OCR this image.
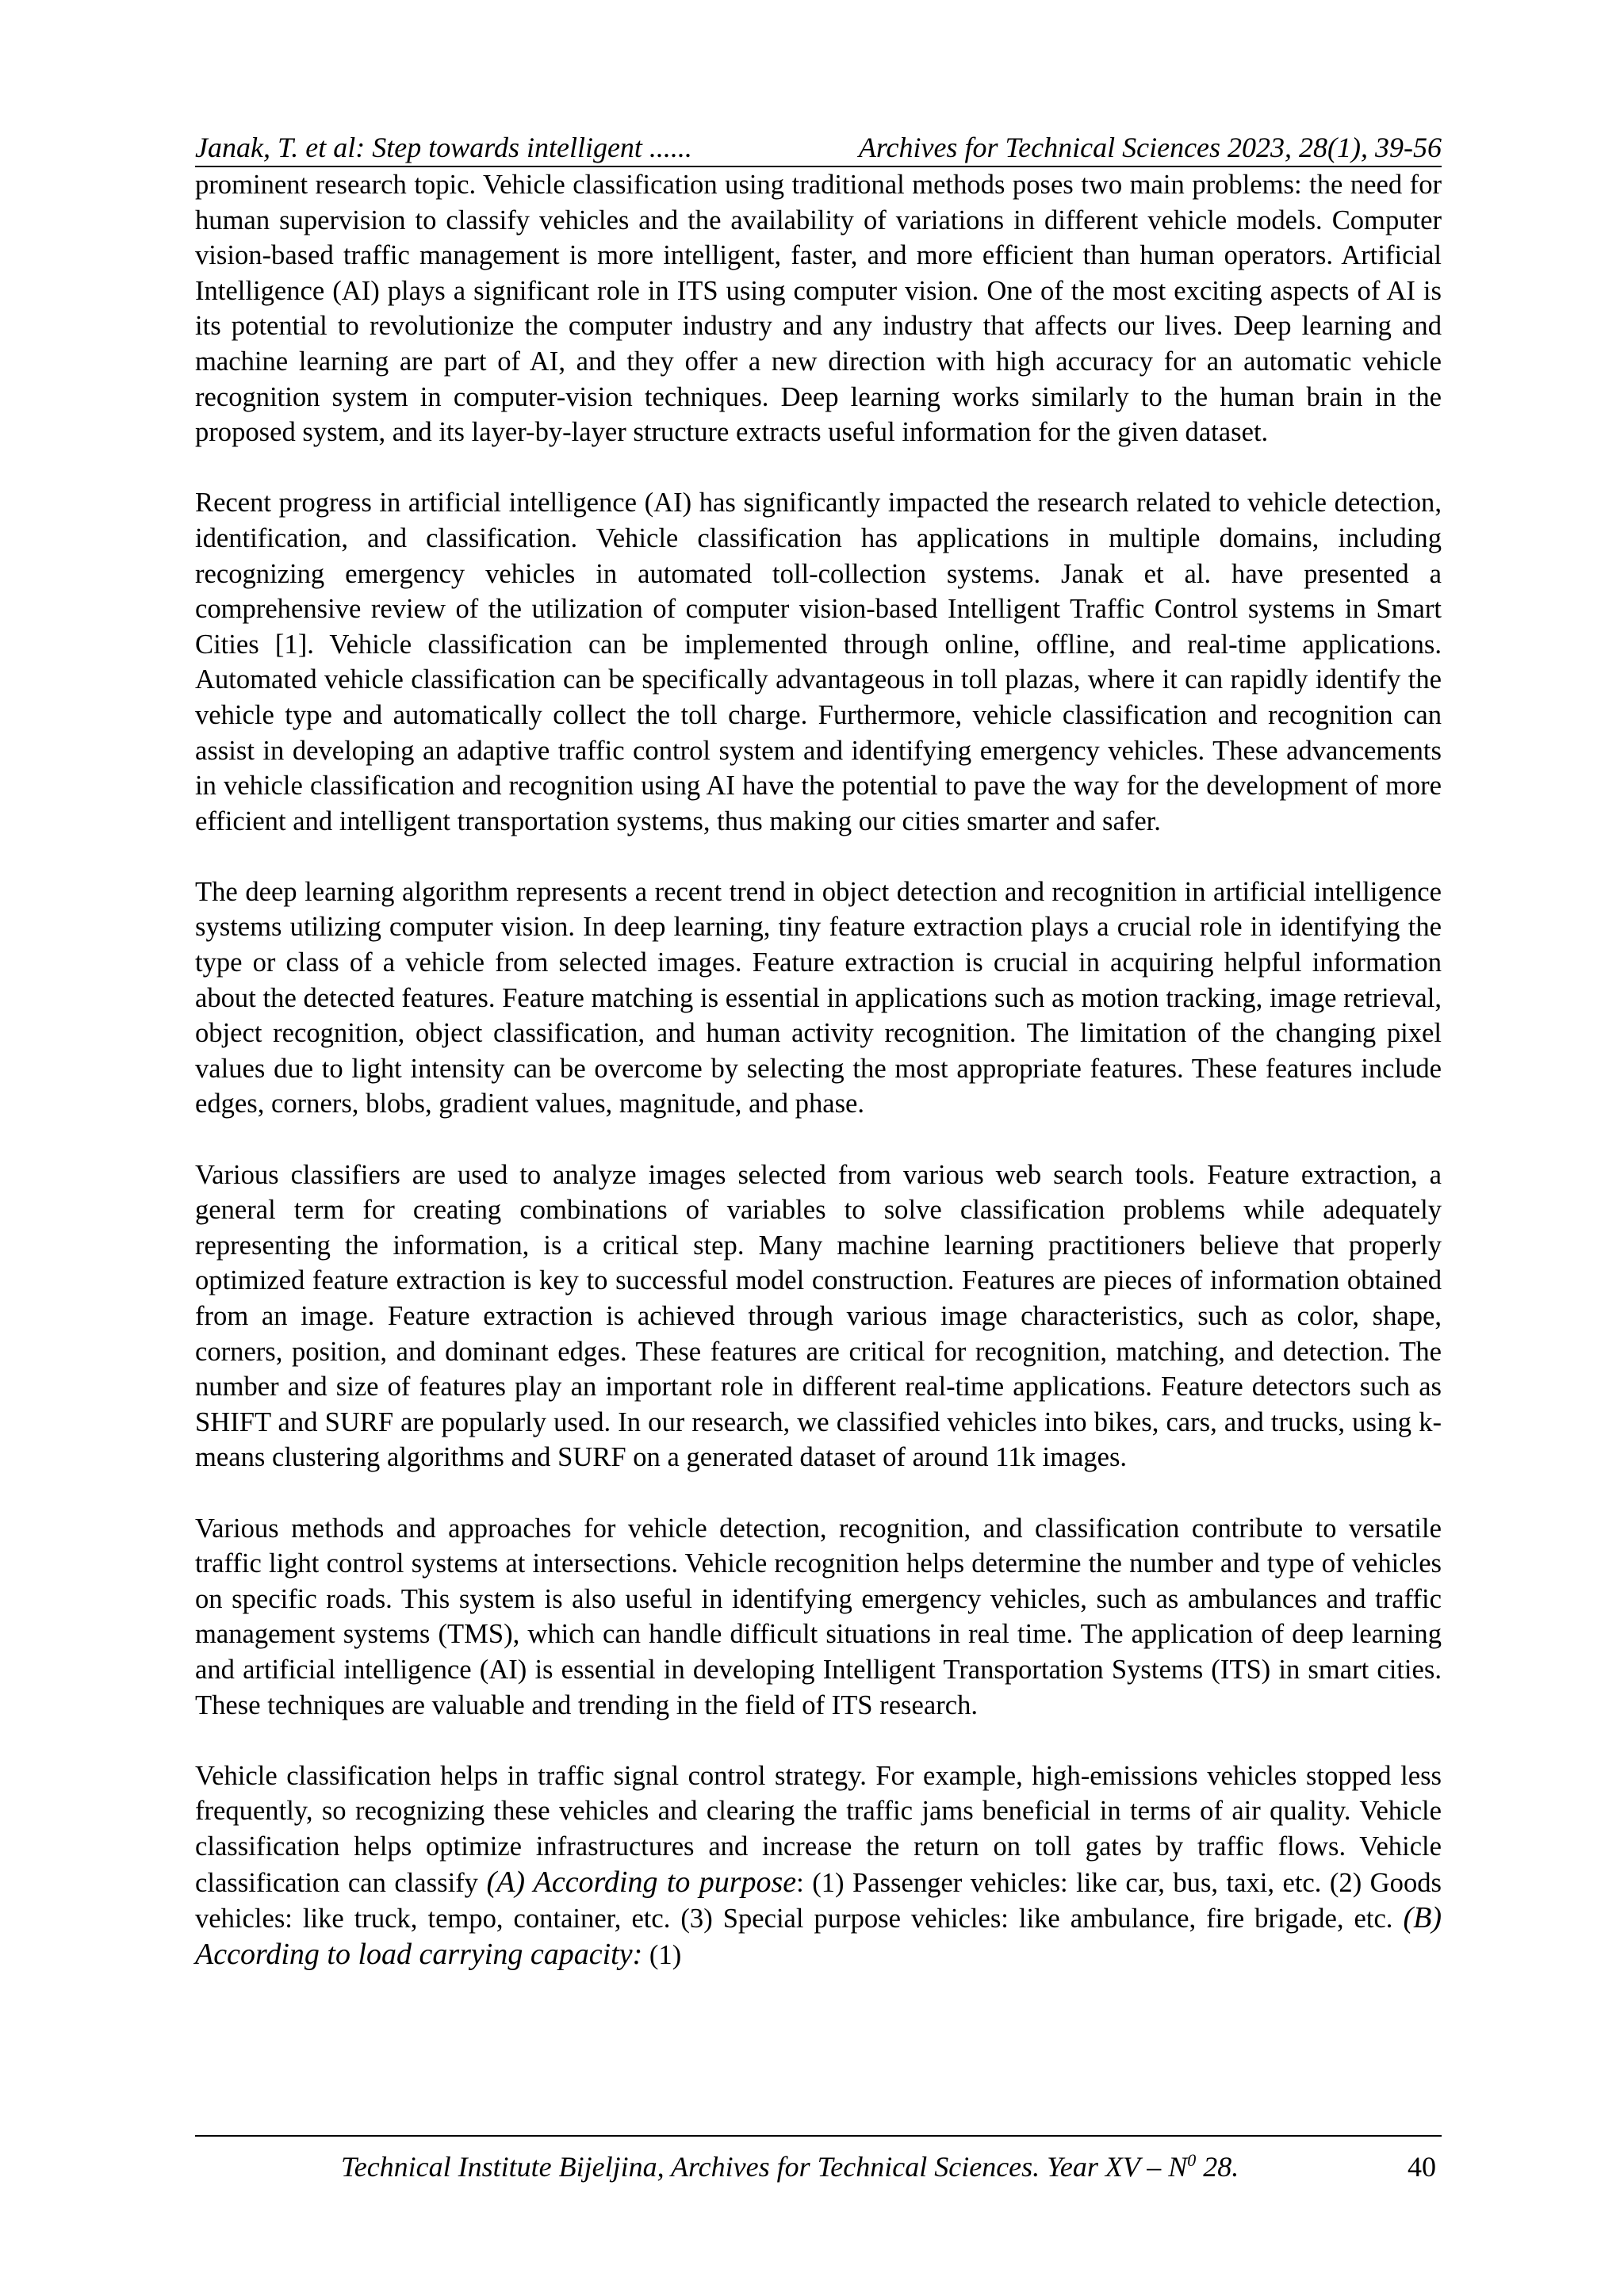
Janak, T. et al: Step towards intelligent ......	Archives for Technical Sciences 2023, 28(1), 39-56

prominent research topic. Vehicle classification using traditional methods poses two main problems: the need for human supervision to classify vehicles and the availability of variations in different vehicle models. Computer vision-based traffic management is more intelligent, faster, and more efficient than human operators. Artificial Intelligence (AI) plays a significant role in ITS using computer vision. One of the most exciting aspects of AI is its potential to revolutionize the computer industry and any industry that affects our lives. Deep learning and machine learning are part of AI, and they offer a new direction with high accuracy for an automatic vehicle recognition system in computer-vision techniques. Deep learning works similarly to the human brain in the proposed system, and its layer-by-layer structure extracts useful information for the given dataset.

Recent progress in artificial intelligence (AI) has significantly impacted the research related to vehicle detection, identification, and classification. Vehicle classification has applications in multiple domains, including recognizing emergency vehicles in automated toll-collection systems. Janak et al. have presented a comprehensive review of the utilization of computer vision-based Intelligent Traffic Control systems in Smart Cities [1]. Vehicle classification can be implemented through online, offline, and real-time applications. Automated vehicle classification can be specifically advantageous in toll plazas, where it can rapidly identify the vehicle type and automatically collect the toll charge. Furthermore, vehicle classification and recognition can assist in developing an adaptive traffic control system and identifying emergency vehicles. These advancements in vehicle classification and recognition using AI have the potential to pave the way for the development of more efficient and intelligent transportation systems, thus making our cities smarter and safer.

The deep learning algorithm represents a recent trend in object detection and recognition in artificial intelligence systems utilizing computer vision. In deep learning, tiny feature extraction plays a crucial role in identifying the type or class of a vehicle from selected images. Feature extraction is crucial in acquiring helpful information about the detected features. Feature matching is essential in applications such as motion tracking, image retrieval, object recognition, object classification, and human activity recognition. The limitation of the changing pixel values due to light intensity can be overcome by selecting the most appropriate features. These features include edges, corners, blobs, gradient values, magnitude, and phase.

Various classifiers are used to analyze images selected from various web search tools. Feature extraction, a general term for creating combinations of variables to solve classification problems while adequately representing the information, is a critical step. Many machine learning practitioners believe that properly optimized feature extraction is key to successful model construction. Features are pieces of information obtained from an image. Feature extraction is achieved through various image characteristics, such as color, shape, corners, position, and dominant edges. These features are critical for recognition, matching, and detection. The number and size of features play an important role in different real-time applications. Feature detectors such as SHIFT and SURF are popularly used. In our research, we classified vehicles into bikes, cars, and trucks, using k-means clustering algorithms and SURF on a generated dataset of around 11k images.

Various methods and approaches for vehicle detection, recognition, and classification contribute to versatile traffic light control systems at intersections. Vehicle recognition helps determine the number and type of vehicles on specific roads. This system is also useful in identifying emergency vehicles, such as ambulances and traffic management systems (TMS), which can handle difficult situations in real time. The application of deep learning and artificial intelligence (AI) is essential in developing Intelligent Transportation Systems (ITS) in smart cities. These techniques are valuable and trending in the field of ITS research.

Vehicle classification helps in traffic signal control strategy. For example, high-emissions vehicles stopped less frequently, so recognizing these vehicles and clearing the traffic jams beneficial in terms of air quality. Vehicle classification helps optimize infrastructures and increase the return on toll gates by traffic flows. Vehicle classification can classify (A) According to purpose: (1) Passenger vehicles: like car, bus, taxi, etc. (2) Goods vehicles: like truck, tempo, container, etc. (3) Special purpose vehicles: like ambulance, fire brigade, etc. (B) According to load carrying capacity: (1)

Technical Institute Bijeljina, Archives for Technical Sciences. Year XV – $N^0$ 28.	40
